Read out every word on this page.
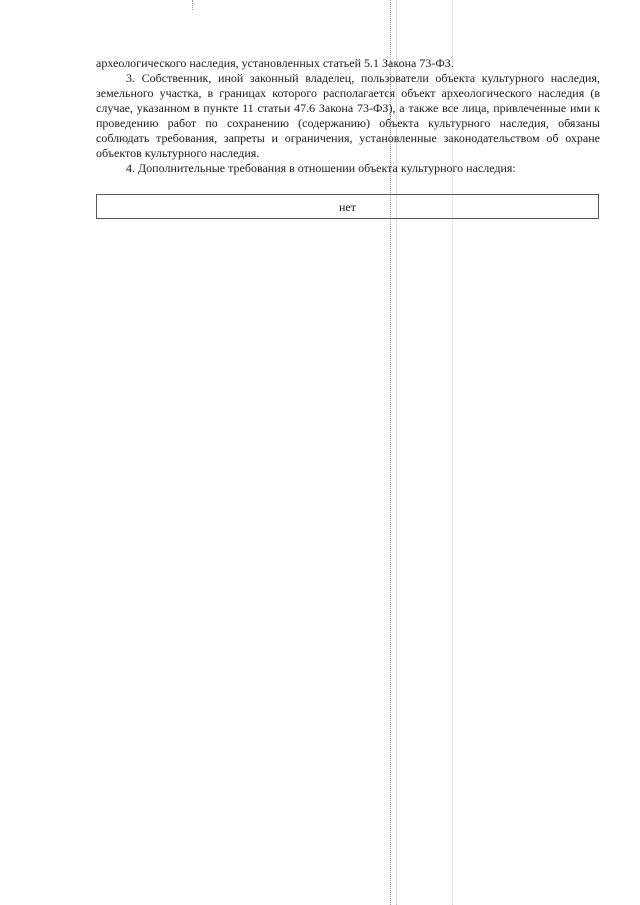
археологического наследия, установленных статьей 5.1 Закона 73-ФЗ.
3. Собственник, иной законный владелец, пользователи объекта культурного наследия, земельного участка, в границах которого располагается объект археологического наследия (в случае, указанном в пункте 11 статьи 47.6 Закона 73-ФЗ), а также все лица, привлеченные ими к проведению работ по сохранению (содержанию) объекта культурного наследия, обязаны соблюдать требования, запреты и ограничения, установленные законодательством об охране объектов культурного наследия.
4. Дополнительные требования в отношении объекта культурного наследия:
нет
